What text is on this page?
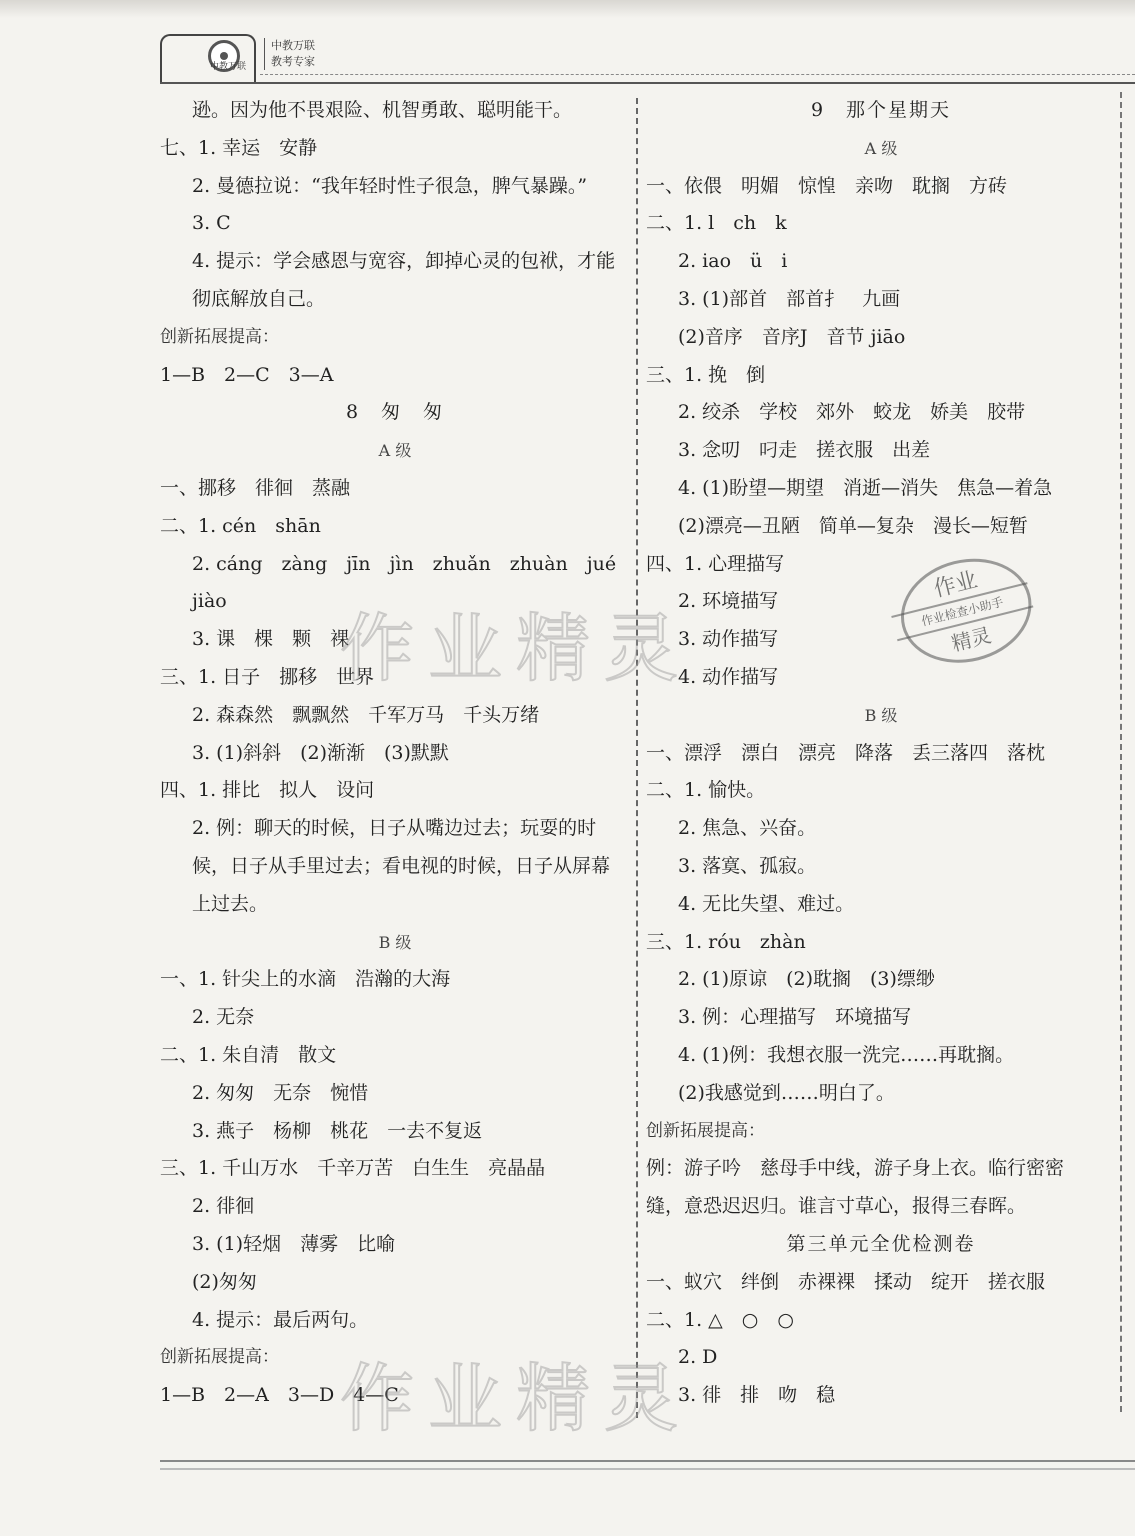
中教万联
中教万联
教考专家
逊。因为他不畏艰险、机智勇敢、聪明能干。
七、1. 幸运　安静
2. 曼德拉说：“我年轻时性子很急，脾气暴躁。”
3. C
4. 提示：学会感恩与宽容，卸掉心灵的包袱，才能
彻底解放自己。
创新拓展提高：
1—B　2—C　3—A
8　匆　匆
A 级
一、挪移　徘徊　蒸融
二、1. cén　shān
2. cáng　zàng　jīn　jìn　zhuǎn　zhuàn　jué
jiào
3. 课　棵　颗　裸
三、1. 日子　挪移　世界
2. 森森然　飘飘然　千军万马　千头万绪
3. (1)斜斜　(2)渐渐　(3)默默
四、1. 排比　拟人　设问
2. 例：聊天的时候，日子从嘴边过去；玩耍的时
候，日子从手里过去；看电视的时候，日子从屏幕
上过去。
B 级
一、1. 针尖上的水滴　浩瀚的大海
2. 无奈
二、1. 朱自清　散文
2. 匆匆　无奈　惋惜
3. 燕子　杨柳　桃花　一去不复返
三、1. 千山万水　千辛万苦　白生生　亮晶晶
2. 徘徊
3. (1)轻烟　薄雾　比喻
(2)匆匆
4. 提示：最后两句。
创新拓展提高：
1—B　2—A　3—D　4—C
9　那个星期天
A 级
一、依偎　明媚　惊惶　亲吻　耽搁　方砖
二、1. l　ch　k
2. iao　ü　i
3. (1)部首　部首扌　九画
(2)音序　音序J　音节 jiāo
三、1. 挽　倒
2. 绞杀　学校　郊外　蛟龙　娇美　胶带
3. 念叨　叼走　搓衣服　出差
4. (1)盼望—期望　消逝—消失　焦急—着急
(2)漂亮—丑陋　简单—复杂　漫长—短暂
四、1. 心理描写
2. 环境描写
3. 动作描写
4. 动作描写
B 级
一、漂浮　漂白　漂亮　降落　丢三落四　落枕
二、1. 愉快。
2. 焦急、兴奋。
3. 落寞、孤寂。
4. 无比失望、难过。
三、1. róu　zhàn
2. (1)原谅　(2)耽搁　(3)缥缈
3. 例：心理描写　环境描写
4. (1)例：我想衣服一洗完……再耽搁。
(2)我感觉到……明白了。
创新拓展提高：
例：游子吟　慈母手中线，游子身上衣。临行密密
缝，意恐迟迟归。谁言寸草心，报得三春晖。
第三单元全优检测卷
一、蚁穴　绊倒　赤裸裸　揉动　绽开　搓衣服
二、1. △　○　○
2. D
3. 徘　排　吻　稳
作业精灵
作业精灵
作业
作业检查小助手
精灵
